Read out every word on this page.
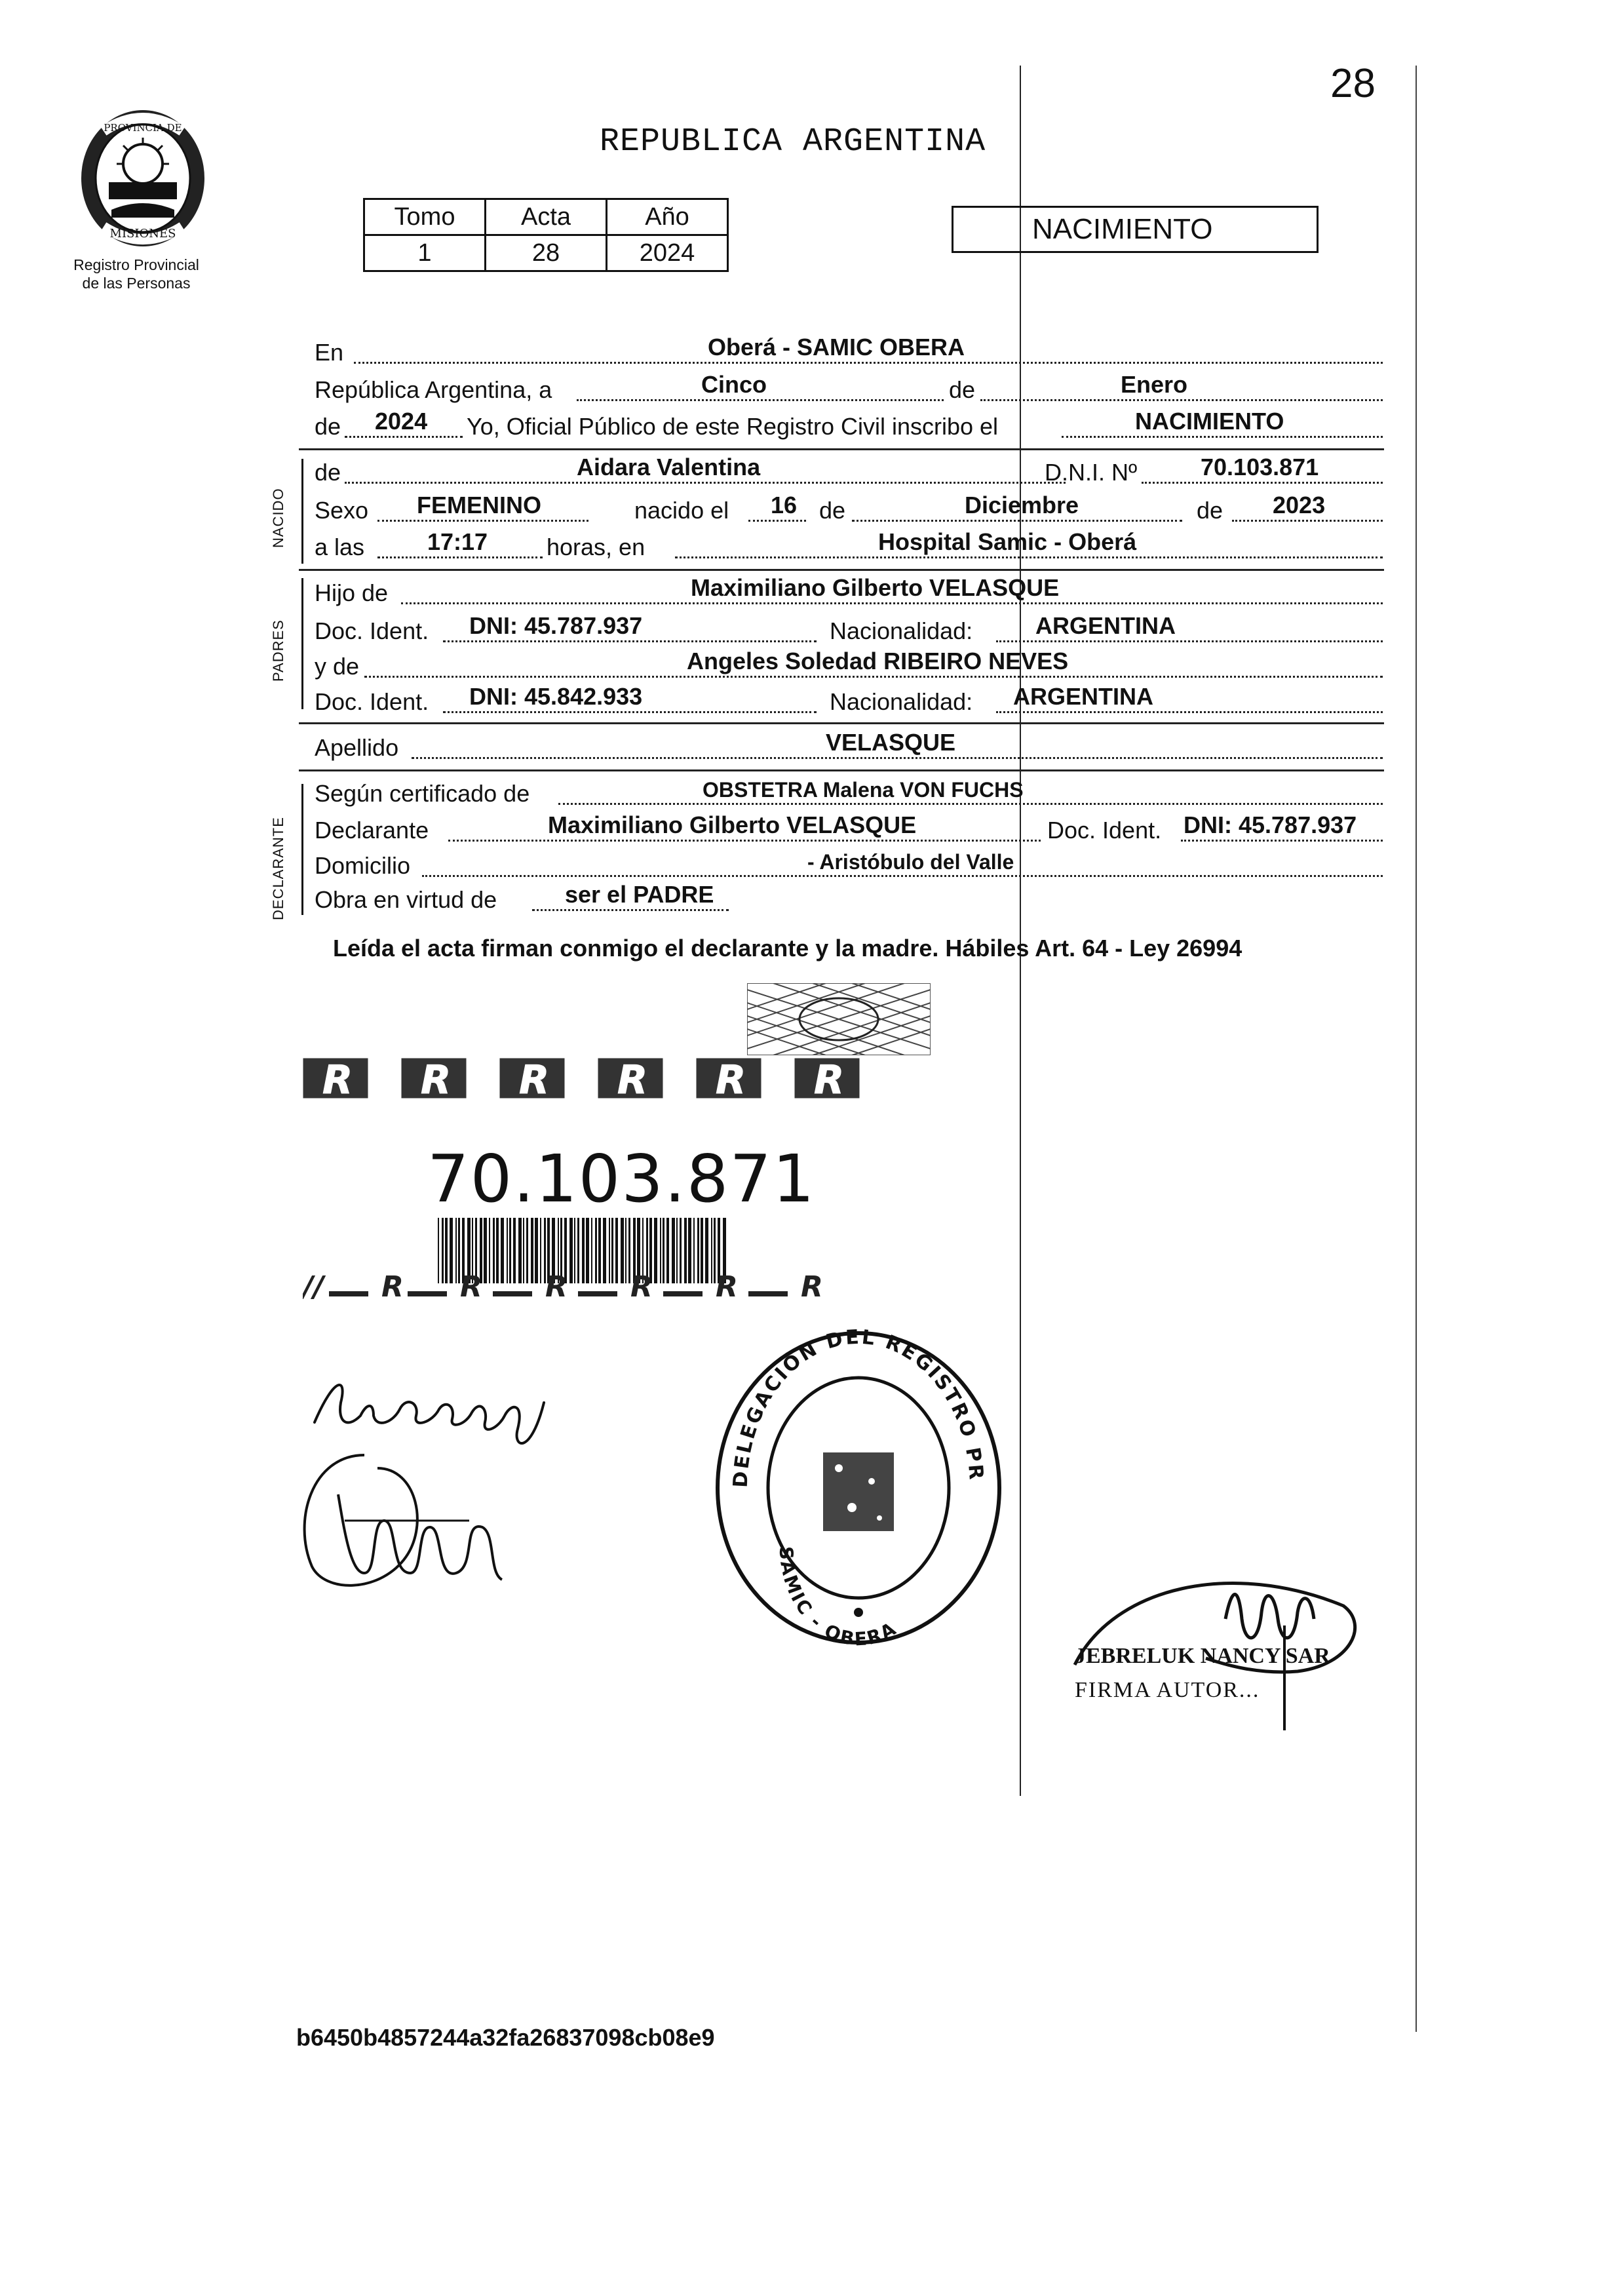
PROVINCIA DE
MISIONES
Registro Provincial
de las Personas
28
REPUBLICA ARGENTINA
Tomo	Acta	Año
1	28	2024
NACIMIENTO
En	Oberá - SAMIC OBERA
República Argentina, a	Cinco	de	Enero
de 2024 Yo, Oficial Público de este Registro Civil inscribo el	NACIMIENTO
NACIDO
de	Aidara Valentina	D.N.I. Nº	70.103.871
Sexo FEMENINO	nacido el 16 de	Diciembre	de 2023
a las	17:17 horas, en	Hospital Samic - Oberá
PADRES
Hijo de	Maximiliano Gilberto VELASQUE
Doc. Ident. DNI: 45.787.937	Nacionalidad:	ARGENTINA
y de	Angeles Soledad RIBEIRO NEVES
Doc. Ident. DNI: 45.842.933	Nacionalidad: ARGENTINA
Apellido	VELASQUE
DECLARANTE
Según certificado de	OBSTETRA Malena VON FUCHS
Declarante	Maximiliano Gilberto VELASQUE	Doc. Ident. DNI: 45.787.937
Domicilio	- Aristóbulo del Valle
Obra en virtud de	ser el PADRE
Leída el acta firman conmigo el declarante y la madre. Hábiles Art. 64 - Ley 26994
R R R R R R
70.103.871
// R R R R R R
DELEGACIÓN DEL REGISTRO PR
SAMIC - OBERA
JEBRELUK NANCY SAR
FIRMA AUTOR...
b6450b4857244a32fa26837098cb08e9
